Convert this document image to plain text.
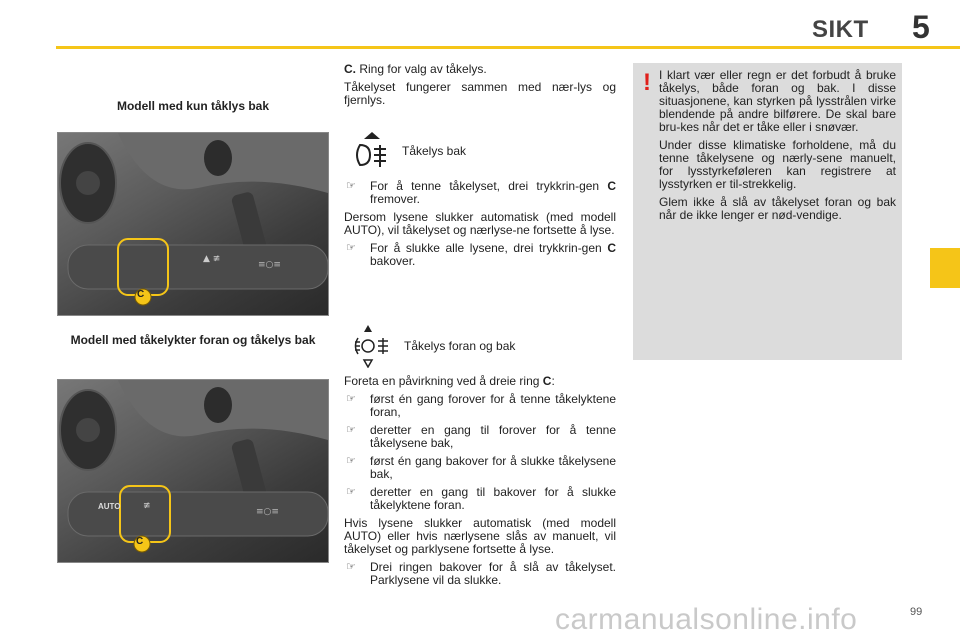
SIKT 5
Modell med kun tåklys bak
▲ ≢
≡○≡
C
Modell med tåkelykter foran og tåkelys bak
≢
≡○≡
AUTO
C

C. Ring for valg av tåkelys.

Tåkelyset fungerer sammen med nær-lys og fjernlys.

Tåkelys bak
☞	For å tenne tåkelyset, drei trykkrin-gen C fremover.

Dersom lysene slukker automatisk (med modell AUTO), vil tåkelyset og nærlyse-ne fortsette å lyse.

☞	For å slukke alle lysene, drei trykkrin-gen C bakover.
Tåkelys foran og bak

Foreta en påvirkning ved å dreie ring C:

☞	først én gang forover for å tenne tåkelyktene foran,
☞	deretter en gang til forover for å tenne tåkelysene bak,
☞	først én gang bakover for å slukke tåkelysene bak,
☞	deretter en gang til bakover for å slukke tåkelyktene foran.

Hvis lysene slukker automatisk (med modell AUTO) eller hvis nærlysene slås av manuelt, vil tåkelyset og parklysene fortsette å lyse.

☞	Drei ringen bakover for å slå av tåkelyset. Parklysene vil da slukke.
! I klart vær eller regn er det forbudt å bruke tåkelys, både foran og bak. I disse situasjonene, kan styrken på lysstrålen virke blendende på andre bilførere. De skal bare bru-kes når det er tåke eller i snøvær.

Under disse klimatiske forholdene, må du tenne tåkelysene og nærly-sene manuelt, for lysstyrkeføleren kan registrere at lysstyrken er til-strekkelig.

Glem ikke å slå av tåkelyset foran og bak når de ikke lenger er nød-vendige.

carmanualsonline.info	99
